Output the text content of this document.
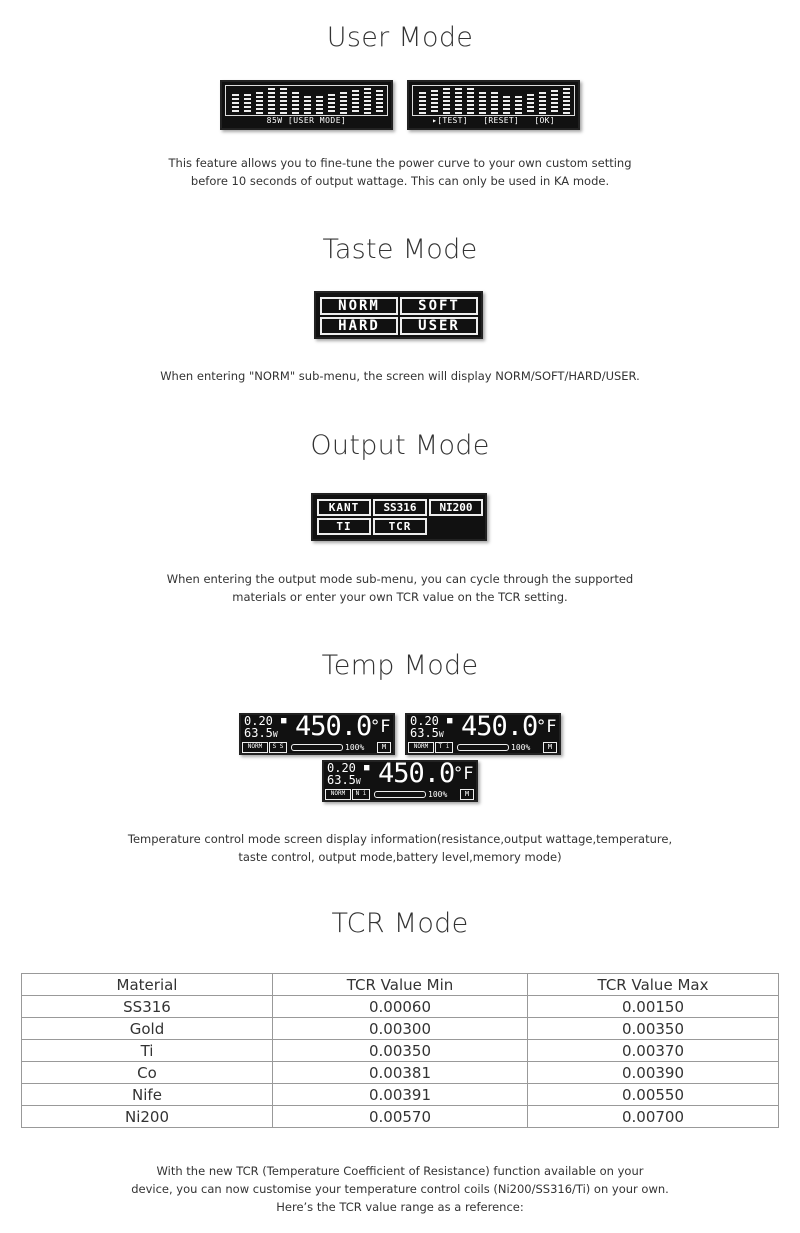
User Mode
85W [USER MODE]	▸[TEST]   [RESET]   [OK]
This feature allows you to fine-tune the power curve to your own custom setting
before 10 seconds of output wattage. This can only be used in KA mode.
Taste Mode
NORM	SOFT
HARD	USER
When entering "NORM" sub-menu, the screen will display NORM/SOFT/HARD/USER.
Output Mode
KANT	SS316	NI200
TI	TCR
When entering the output mode sub-menu, you can cycle through the supported
materials or enter your own TCR value on the TCR setting.
Temp Mode
0.20 ■
63.5W 450.0
°F
NORM	S S	100%	M
0.20 ■
63.5W 450.0
°F
NORM	T i	100%	M
0.20 ■
63.5W 450.0
°F
NORM	N i	100%	M
Temperature control mode screen display information(resistance,output wattage,temperature,
taste control, output mode,battery level,memory mode)
TCR Mode
Material	TCR Value Min	TCR Value Max
SS316	0.00060	0.00150
Gold	0.00300	0.00350
Ti	0.00350	0.00370
Co	0.00381	0.00390
Nife	0.00391	0.00550
Ni200	0.00570	0.00700
With the new TCR (Temperature Coefficient of Resistance) function available on your
device, you can now customise your temperature control coils (Ni200/SS316/Ti) on your own.
Here’s the TCR value range as a reference:
